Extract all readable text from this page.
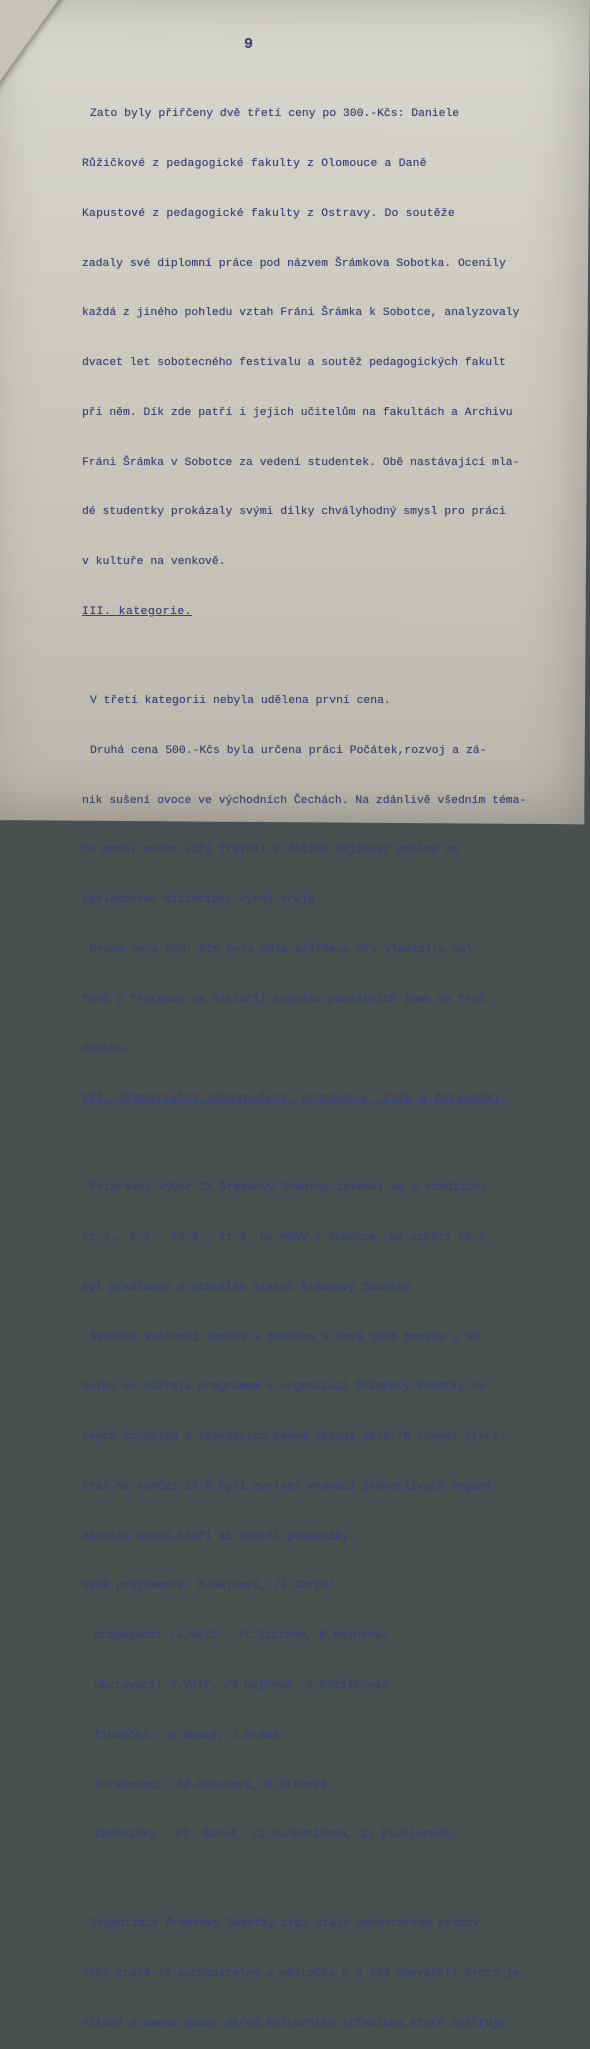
9

Zato byly přiřčeny dvě třetí ceny po 300.-Kčs: Daniele

Růžičkové z pedagogické fakulty z Olomouce a Daně

Kapustové z pedagogické fakulty z Ostravy. Do soutěže

zadaly své diplomní práce pod názvem Šrámkova Sobotka. Ocenily

každá z jiného pohledu vztah Fráni Šrámka k Sobotce, analyzovaly

dvacet let sobotecného festivalu a soutěž pedagogických fakult

při něm. Dík zde patří i jejich učitelům na fakultách a Archivu

Fráni Šrámka v Sobotce za vedení studentek. Obě nastávající mla-

dé studentky prokázaly svými dílky chvályhodný smysl pro práci

v kultuře na venkově.

III. kategorie.

V třetí kategorii nebyla udělena první cena.

Druhá cena 500.-Kčs byla určena práci Počátek,rozvoj a zá-

nik sušení ovoce ve východních Čechách. Na zdánlivě všedním téma-

tu podal autor Jiří Treybal z Jičína zajímavý pohled na

společensko-historický vývoj kraje.

Druhá cena 500.-Kčs byla dále přiřčena Dru Vladimíru Wol-

fovi z Trutnova za Historii soupisu pomístních jmen na Trut-

novsku.

VII. Organizační zabezpečení, propagace ,tisk a Zpravodaj.

Přípravný výbor XX.Šrámkovy Sobotky zasedal ve 4 schůzích:

11.3., 8.4., 13.5., 11.6. na MěNV v Sobotce .Na schůzi 13.5.

byl předložen a schválen statut Šrámkovy Sobotky.

Školská kulturní komise v Sobotce a Osvě tová beseda v So-

botce se obírala programem a organizací Šrámkovy Sobotky na

svých schůzích a zasedáních,během období 1975/76 rovněž čtyři-

krát.Na schůzi 13.5.byli zvoleni vedoucí jednotlivých organi-

začních úseků,kteří si opatří pomocníky.

Úsek programový: M.Hejnová, /J.Chrpa/

propagační :J.Volf - /L.Sittová, M.Hejnová/

ubytovací: J.Volf, /M.Hejnová ,O.Býčišťová/

finanční : O.Beneš, J.Vráma

stravovací: Zd.Holubová, D.Bílková

technický : Př. Bureš, /J.Ouředníková, Zl.Fiedlerová/

Organizace Šrámkovy Sobotky trpí stále nedostatkem pracov-

níků,které je pochopitelný u městečka s 2 280 obyvateli.Proto je

vítaná a cenná pomoc Okres.kulturního střediska,které opatřuje
